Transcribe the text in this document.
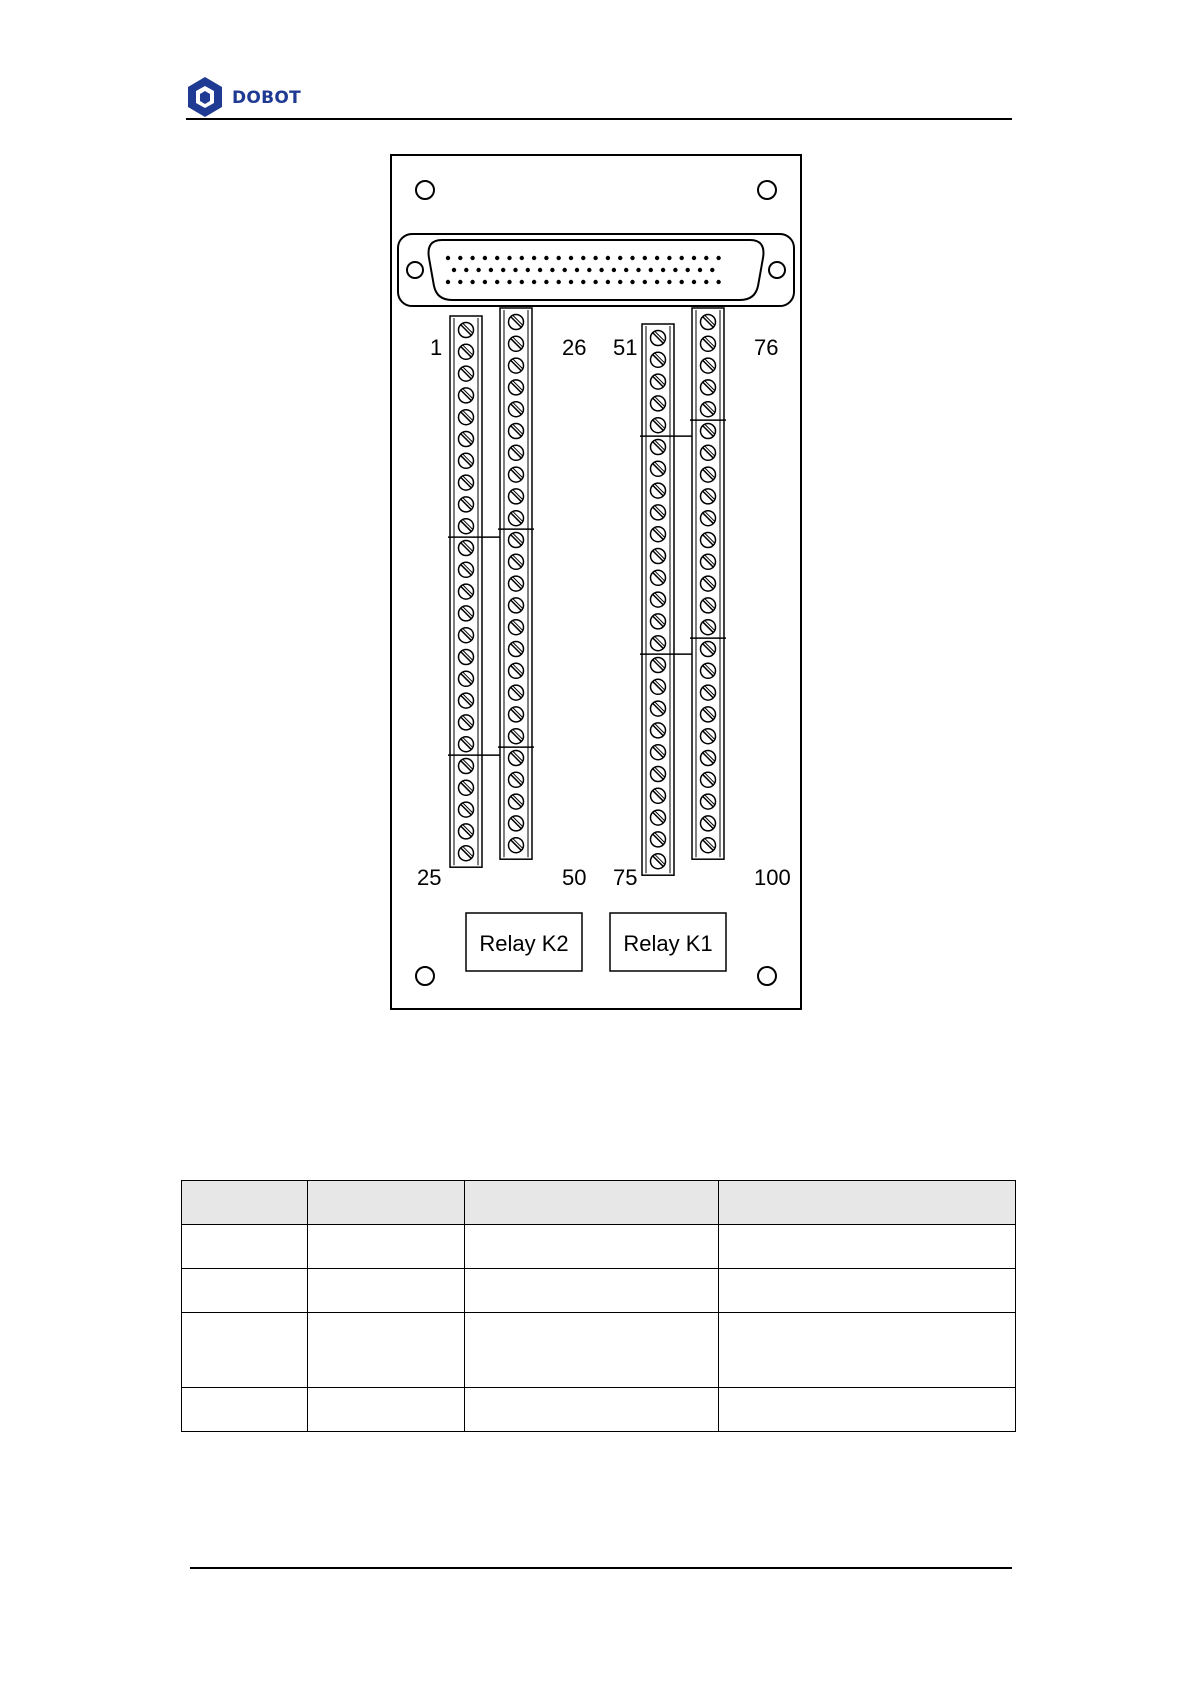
DOBOT
1
25
26
50
51
75
76
100
Relay K2 Relay K1
